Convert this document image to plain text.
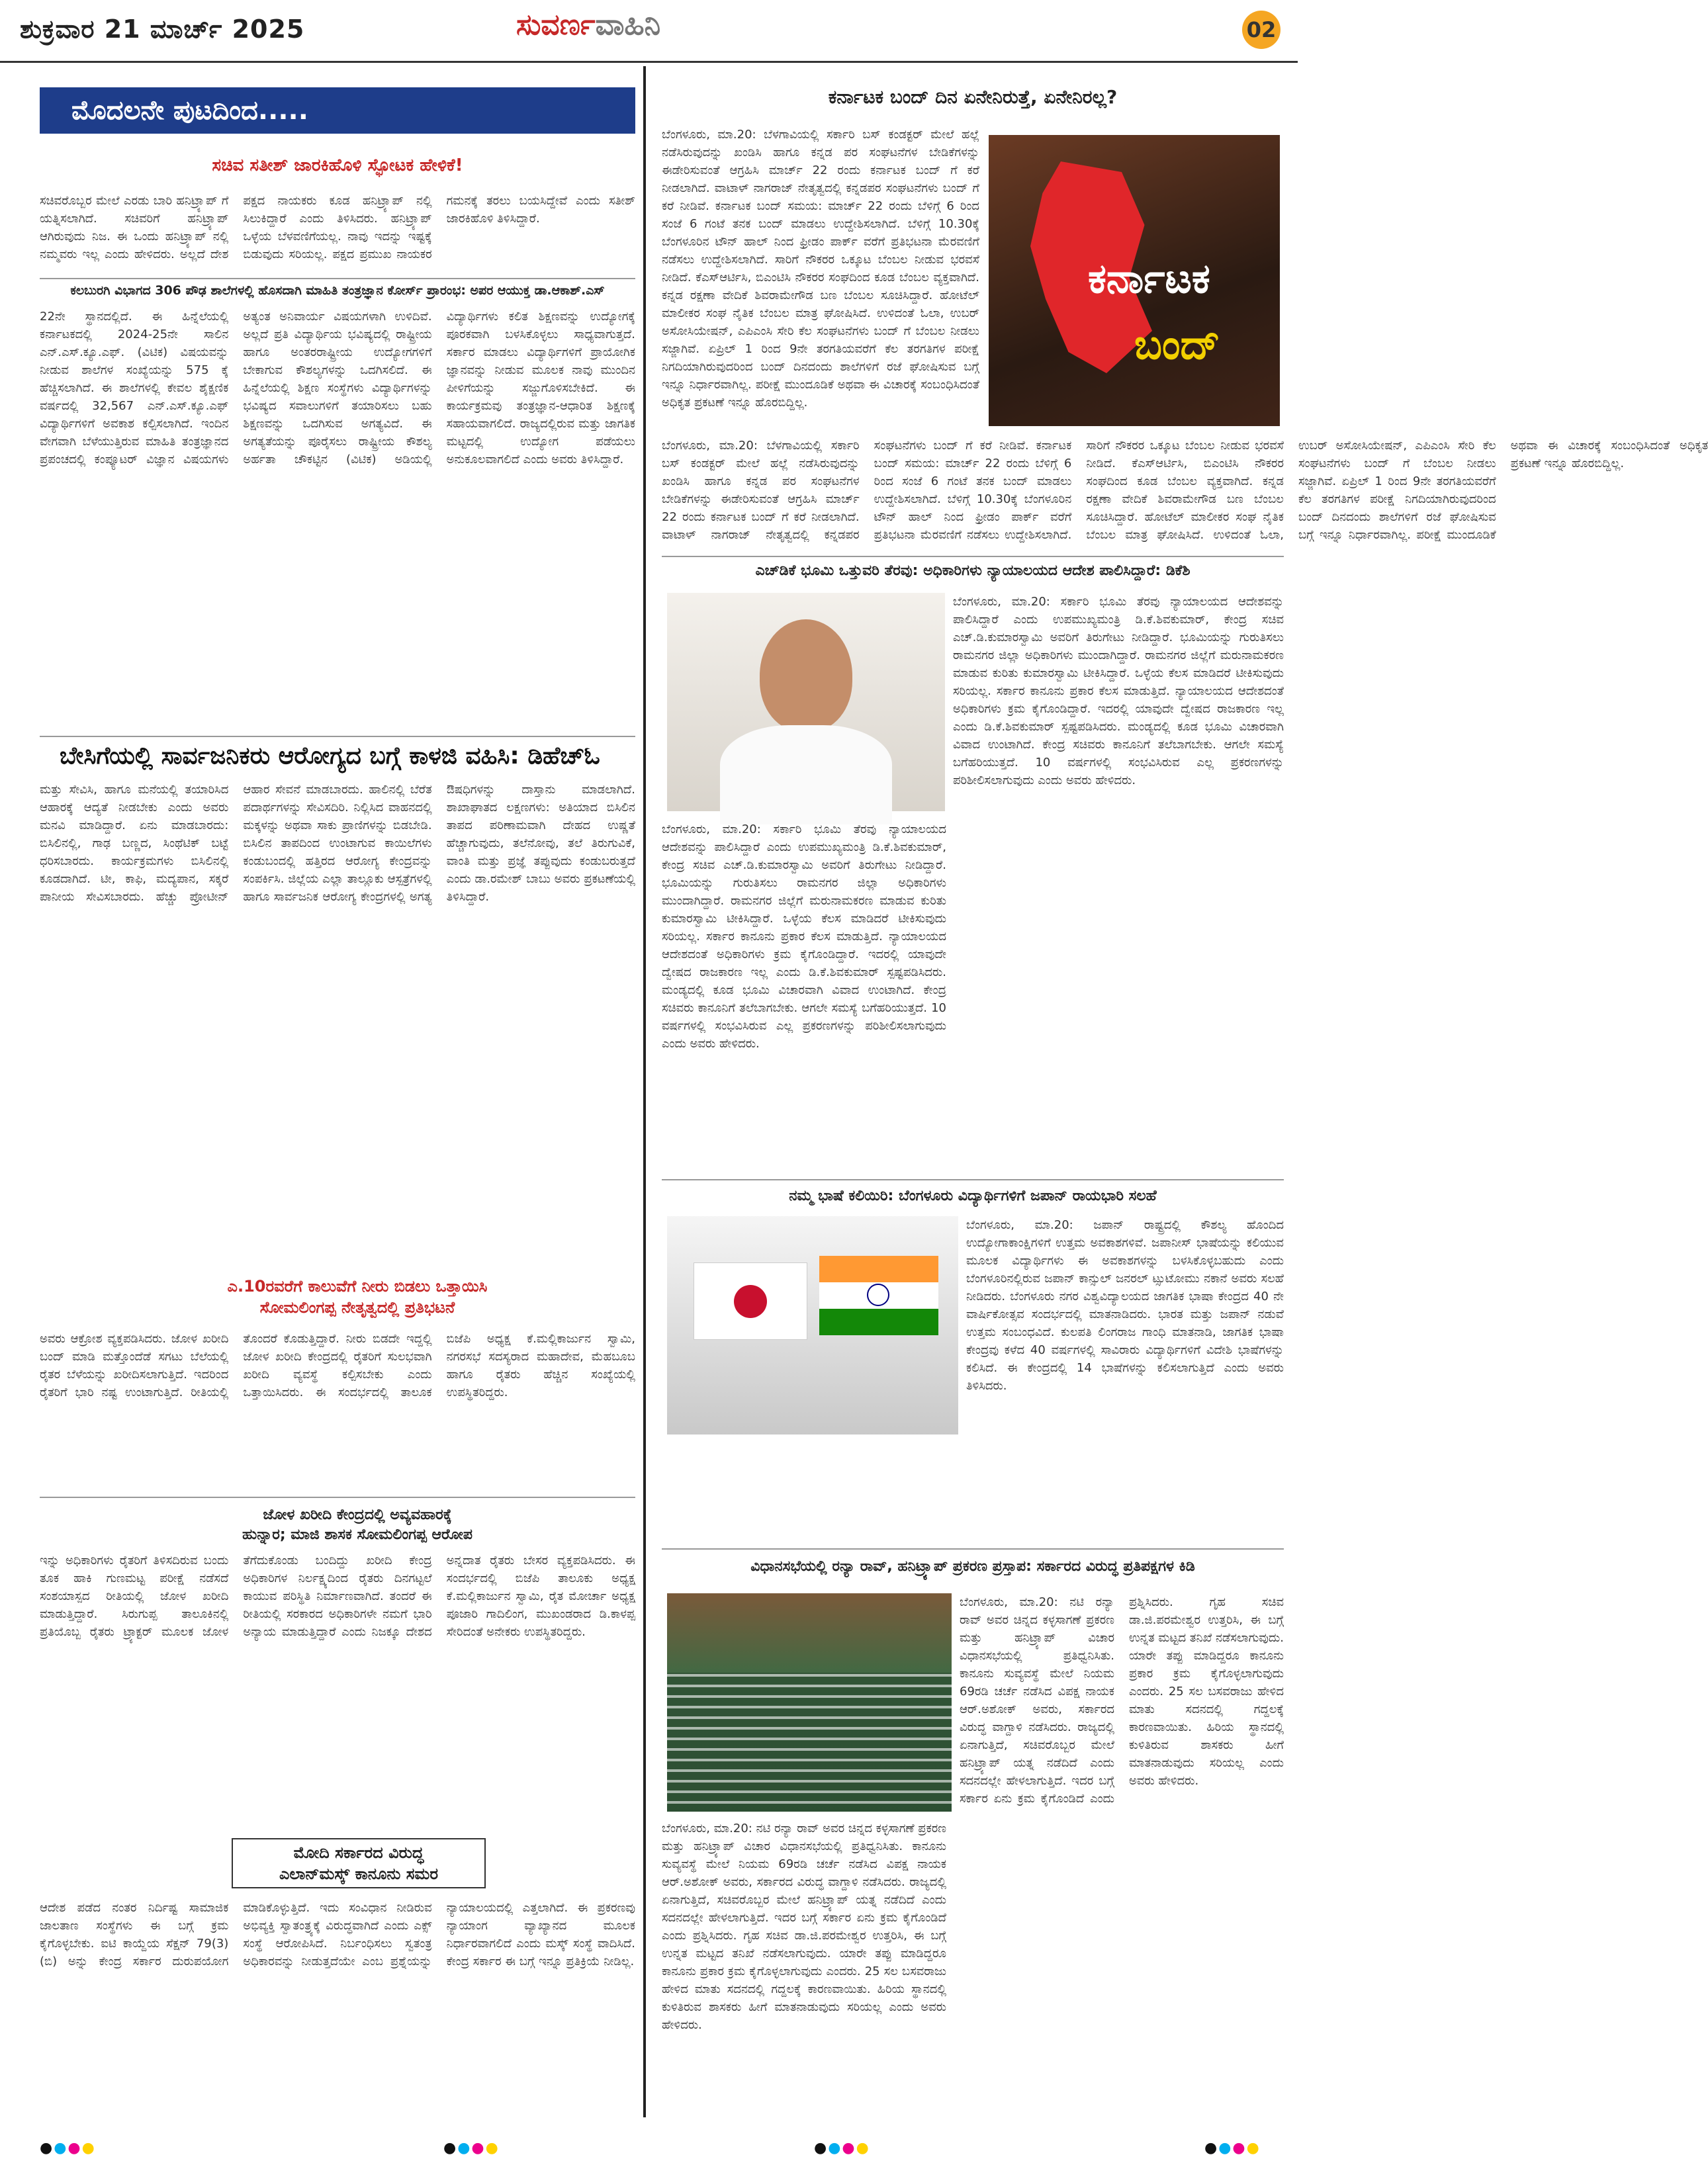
ಶುಕ್ರವಾರ 21 ಮಾರ್ಚ್ 2025	ಸುವರ್ಣವಾಹಿನಿ	02
ಮೊದಲನೇ ಪುಟದಿಂದ.....
ಸಚಿವ ಸತೀಶ್ ಜಾರಕಿಹೊಳಿ ಸ್ಫೋಟಕ ಹೇಳಿಕೆ!

ಸಚಿವರೊಬ್ಬರ ಮೇಲೆ ಎರಡು ಬಾರಿ ಹನಿಟ್ರ್ಯಾಪ್ ಗೆ ಯತ್ನಿಸಲಾಗಿದೆ. ಸಚಿವರಿಗೆ ಹನಿಟ್ರ್ಯಾಪ್ ಆಗಿರುವುದು ನಿಜ. ಈ ಒಂದು ಹನಿಟ್ರ್ಯಾಪ್ ನಲ್ಲಿ ನಮ್ಮವರು ಇಲ್ಲ ಎಂದು ಹೇಳಿದರು. ಅಲ್ಲದೆ ದೇಶ ಪಕ್ಷದ ನಾಯಕರು ಕೂಡ ಹನಿಟ್ರ್ಯಾಪ್ ನಲ್ಲಿ ಸಿಲುಕಿದ್ದಾರೆ ಎಂದು ತಿಳಿಸಿದರು. ಹನಿಟ್ರ್ಯಾಪ್ ಒಳ್ಳೆಯ ಬೆಳವಣಿಗೆಯಲ್ಲ. ನಾವು ಇದನ್ನು ಇಷ್ಟಕ್ಕೆ ಬಿಡುವುದು ಸರಿಯಲ್ಲ. ಪಕ್ಷದ ಪ್ರಮುಖ ನಾಯಕರ ಗಮನಕ್ಕೆ ತರಲು ಬಯಸಿದ್ದೇವೆ ಎಂದು ಸತೀಶ್ ಜಾರಕಿಹೊಳಿ ತಿಳಿಸಿದ್ದಾರೆ.

ಕಲಬುರಗಿ ವಿಭಾಗದ 306 ಪೌಢ ಶಾಲೆಗಳಲ್ಲಿ ಹೊಸದಾಗಿ ಮಾಹಿತಿ ತಂತ್ರಜ್ಞಾನ ಕೋರ್ಸ್ ಪ್ರಾರಂಭ: ಅಪರ ಆಯುಕ್ತ ಡಾ.ಆಕಾಶ್.ಎಸ್

22ನೇ ಸ್ಥಾನದಲ್ಲಿದೆ. ಈ ಹಿನ್ನೆಲೆಯಲ್ಲಿ ಕರ್ನಾಟಕದಲ್ಲಿ 2024-25ನೇ ಸಾಲಿನ ಎನ್.ಎಸ್.ಕ್ಯೂ.ಎಫ್. (ವಿಟಿಕ) ವಿಷಯವನ್ನು ನೀಡುವ ಶಾಲೆಗಳ ಸಂಖ್ಯೆಯನ್ನು 575 ಕ್ಕೆ ಹೆಚ್ಚಿಸಲಾಗಿದೆ. ಈ ಶಾಲೆಗಳಲ್ಲಿ ಕೇವಲ ಶೈಕ್ಷಣಿಕ ವರ್ಷದಲ್ಲಿ 32,567 ಎನ್.ಎಸ್.ಕ್ಯೂ.ಎಫ್ ವಿದ್ಯಾರ್ಥಿಗಳಿಗೆ ಅವಕಾಶ ಕಲ್ಪಿಸಲಾಗಿದೆ. ಇಂದಿನ ವೇಗವಾಗಿ ಬೆಳೆಯುತ್ತಿರುವ ಮಾಹಿತಿ ತಂತ್ರಜ್ಞಾನದ ಪ್ರಪಂಚದಲ್ಲಿ ಕಂಪ್ಯೂಟರ್ ವಿಜ್ಞಾನ ವಿಷಯಗಳು ಅತ್ಯಂತ ಅನಿವಾರ್ಯ ವಿಷಯಗಳಾಗಿ ಉಳಿದಿವೆ. ಅಲ್ಲದೆ ಪ್ರತಿ ವಿದ್ಯಾರ್ಥಿಯ ಭವಿಷ್ಯದಲ್ಲಿ ರಾಷ್ಟ್ರೀಯ ಹಾಗೂ ಅಂತರರಾಷ್ಟ್ರೀಯ ಉದ್ಯೋಗಗಳಿಗೆ ಬೇಕಾಗುವ ಕೌಶಲ್ಯಗಳನ್ನು ಒದಗಿಸಲಿದೆ. ಈ ಹಿನ್ನೆಲೆಯಲ್ಲಿ ಶಿಕ್ಷಣ ಸಂಸ್ಥೆಗಳು ವಿದ್ಯಾರ್ಥಿಗಳನ್ನು ಭವಿಷ್ಯದ ಸವಾಲುಗಳಿಗೆ ತಯಾರಿಸಲು ಬಹು ಶಿಕ್ಷಣವನ್ನು ಒದಗಿಸುವ ಅಗತ್ಯವಿದೆ. ಈ ಅಗತ್ಯತೆಯನ್ನು ಪೂರೈಸಲು ರಾಷ್ಟ್ರೀಯ ಕೌಶಲ್ಯ ಅರ್ಹತಾ ಚೌಕಟ್ಟಿನ (ವಿಟಿಕ) ಅಡಿಯಲ್ಲಿ ವಿದ್ಯಾರ್ಥಿಗಳು ಕಲಿತ ಶಿಕ್ಷಣವನ್ನು ಉದ್ಯೋಗಕ್ಕೆ ಪೂರಕವಾಗಿ ಬಳಸಿಕೊಳ್ಳಲು ಸಾಧ್ಯವಾಗುತ್ತದೆ. ಸರ್ಕಾರ ಮಾಡಲು ವಿದ್ಯಾರ್ಥಿಗಳಿಗೆ ಪ್ರಾಯೋಗಿಕ ಜ್ಞಾನವನ್ನು ನೀಡುವ ಮೂಲಕ ನಾವು ಮುಂದಿನ ಪೀಳಿಗೆಯನ್ನು ಸಜ್ಜುಗೊಳಿಸಬೇಕಿದೆ. ಈ ಕಾರ್ಯಕ್ರಮವು ತಂತ್ರಜ್ಞಾನ-ಆಧಾರಿತ ಶಿಕ್ಷಣಕ್ಕೆ ಸಹಾಯವಾಗಲಿದೆ. ರಾಜ್ಯದಲ್ಲಿರುವ ಮತ್ತು ಜಾಗತಿಕ ಮಟ್ಟದಲ್ಲಿ ಉದ್ಯೋಗ ಪಡೆಯಲು ಅನುಕೂಲವಾಗಲಿದೆ ಎಂದು ಅವರು ತಿಳಿಸಿದ್ದಾರೆ.

ಬೇಸಿಗೆಯಲ್ಲಿ ಸಾರ್ವಜನಿಕರು ಆರೋಗ್ಯದ ಬಗ್ಗೆ ಕಾಳಜಿ ವಹಿಸಿ: ಡಿಹೆಚ್ಓ

ಮತ್ತು ಸೇವಿಸಿ, ಹಾಗೂ ಮನೆಯಲ್ಲಿ ತಯಾರಿಸಿದ ಆಹಾರಕ್ಕೆ ಆದ್ಯತೆ ನೀಡಬೇಕು ಎಂದು ಅವರು ಮನವಿ ಮಾಡಿದ್ದಾರೆ. ಏನು ಮಾಡಬಾರದು: ಬಿಸಿಲಿನಲ್ಲಿ, ಗಾಢ ಬಣ್ಣದ, ಸಿಂಥೆಟಿಕ್ ಬಟ್ಟೆ ಧರಿಸಬಾರದು. ಕಾರ್ಯಕ್ರಮಗಳು ಬಿಸಿಲಿನಲ್ಲಿ ಕೂಡದಾಗಿದೆ. ಟೀ, ಕಾಫಿ, ಮದ್ಯಪಾನ, ಸಕ್ಕರೆ ಪಾನೀಯ ಸೇವಿಸಬಾರದು. ಹೆಚ್ಚು ಪ್ರೋಟೀನ್ ಆಹಾರ ಸೇವನೆ ಮಾಡಬಾರದು. ಹಾಲಿನಲ್ಲಿ ಬೆರೆತ ಪದಾರ್ಥಗಳನ್ನು ಸೇವಿಸದಿರಿ. ನಿಲ್ಲಿಸಿದ ವಾಹನದಲ್ಲಿ ಮಕ್ಕಳನ್ನು ಅಥವಾ ಸಾಕು ಪ್ರಾಣಿಗಳನ್ನು ಬಿಡಬೇಡಿ. ಬಿಸಿಲಿನ ತಾಪದಿಂದ ಉಂಟಾಗುವ ಕಾಯಿಲೆಗಳು ಕಂಡುಬಂದಲ್ಲಿ ಹತ್ತಿರದ ಆರೋಗ್ಯ ಕೇಂದ್ರವನ್ನು ಸಂಪರ್ಕಿಸಿ. ಜಿಲ್ಲೆಯ ಎಲ್ಲಾ ತಾಲ್ಲೂಕು ಆಸ್ಪತ್ರೆಗಳಲ್ಲಿ ಹಾಗೂ ಸಾರ್ವಜನಿಕ ಆರೋಗ್ಯ ಕೇಂದ್ರಗಳಲ್ಲಿ ಅಗತ್ಯ ಔಷಧಿಗಳನ್ನು ದಾಸ್ತಾನು ಮಾಡಲಾಗಿದೆ. ಶಾಖಾಘಾತದ ಲಕ್ಷಣಗಳು: ಅತಿಯಾದ ಬಿಸಿಲಿನ ತಾಪದ ಪರಿಣಾಮವಾಗಿ ದೇಹದ ಉಷ್ಣತೆ ಹೆಚ್ಚಾಗುವುದು, ತಲೆನೋವು, ತಲೆ ತಿರುಗುವಿಕೆ, ವಾಂತಿ ಮತ್ತು ಪ್ರಜ್ಞೆ ತಪ್ಪುವುದು ಕಂಡುಬರುತ್ತದೆ ಎಂದು ಡಾ.ರಮೇಶ್ ಬಾಬು ಅವರು ಪ್ರಕಟಣೆಯಲ್ಲಿ ತಿಳಿಸಿದ್ದಾರೆ.

ಎ.10ರವರೆಗೆ ಕಾಲುವೆಗೆ ನೀರು ಬಿಡಲು ಒತ್ತಾಯಿಸಿ
ಸೋಮಲಿಂಗಪ್ಪ ನೇತೃತ್ವದಲ್ಲಿ ಪ್ರತಿಭಟನೆ

ಅವರು ಆಕ್ರೋಶ ವ್ಯಕ್ತಪಡಿಸಿದರು. ಜೋಳ ಖರೀದಿ ಬಂದ್ ಮಾಡಿ ಮತ್ತೊಂದೆಡೆ ಸಗಟು ಬೆಲೆಯಲ್ಲಿ ರೈತರ ಬೆಳೆಯನ್ನು ಖರೀದಿಸಲಾಗುತ್ತಿದೆ. ಇದರಿಂದ ರೈತರಿಗೆ ಭಾರಿ ನಷ್ಟ ಉಂಟಾಗುತ್ತಿದೆ. ರೀತಿಯಲ್ಲಿ ತೊಂದರೆ ಕೊಡುತ್ತಿದ್ದಾರೆ. ನೀರು ಬಿಡದೇ ಇದ್ದಲ್ಲಿ ಜೋಳ ಖರೀದಿ ಕೇಂದ್ರದಲ್ಲಿ ರೈತರಿಗೆ ಸುಲಭವಾಗಿ ಖರೀದಿ ವ್ಯವಸ್ಥೆ ಕಲ್ಪಿಸಬೇಕು ಎಂದು ಒತ್ತಾಯಿಸಿದರು. ಈ ಸಂದರ್ಭದಲ್ಲಿ ತಾಲೂಕ ಬಿಜೆಪಿ ಅಧ್ಯಕ್ಷ ಕೆ.ಮಲ್ಲಿಕಾರ್ಜುನ ಸ್ವಾಮಿ, ನಗರಸಭೆ ಸದಸ್ಯರಾದ ಮಹಾದೇವ, ಮೆಹಬೂಬ ಹಾಗೂ ರೈತರು ಹೆಚ್ಚಿನ ಸಂಖ್ಯೆಯಲ್ಲಿ ಉಪಸ್ಥಿತರಿದ್ದರು.

ಜೋಳ ಖರೀದಿ ಕೇಂದ್ರದಲ್ಲಿ ಅವ್ಯವಹಾರಕ್ಕೆ
ಹುನ್ನಾರ; ಮಾಜಿ ಶಾಸಕ ಸೋಮಲಿಂಗಪ್ಪ ಆರೋಪ

ಇನ್ನು ಅಧಿಕಾರಿಗಳು ರೈತರಿಗೆ ತಿಳಿಸದಿರುವ ಬಂದು ತೂಕ ಹಾಕಿ ಗುಣಮಟ್ಟ ಪರೀಕ್ಷೆ ನಡೆಸದೆ ಸಂಶಯಾಸ್ಪದ ರೀತಿಯಲ್ಲಿ ಜೋಳ ಖರೀದಿ ಮಾಡುತ್ತಿದ್ದಾರೆ. ಸಿರುಗುಪ್ಪ ತಾಲೂಕಿನಲ್ಲಿ ಪ್ರತಿಯೊಬ್ಬ ರೈತರು ಟ್ರ್ಯಾಕ್ಟರ್ ಮೂಲಕ ಜೋಳ ತೆಗೆದುಕೊಂಡು ಬಂದಿದ್ದು ಖರೀದಿ ಕೇಂದ್ರ ಅಧಿಕಾರಿಗಳ ನಿರ್ಲಕ್ಷ್ಯದಿಂದ ರೈತರು ದಿನಗಟ್ಟಲೆ ಕಾಯುವ ಪರಿಸ್ಥಿತಿ ನಿರ್ಮಾಣವಾಗಿದೆ. ತಂದರೆ ಈ ರೀತಿಯಲ್ಲಿ ಸರಕಾರದ ಅಧಿಕಾರಿಗಳೇ ನಮಗೆ ಭಾರಿ ಅನ್ಯಾಯ ಮಾಡುತ್ತಿದ್ದಾರೆ ಎಂದು ನಿಜಕ್ಕೂ ದೇಶದ ಅನ್ನದಾತ ರೈತರು ಬೇಸರ ವ್ಯಕ್ತಪಡಿಸಿದರು. ಈ ಸಂದರ್ಭದಲ್ಲಿ ಬಿಜೆಪಿ ತಾಲೂಕು ಅಧ್ಯಕ್ಷ ಕೆ.ಮಲ್ಲಿಕಾರ್ಜುನ ಸ್ವಾಮಿ, ರೈತ ಮೋರ್ಚಾ ಅಧ್ಯಕ್ಷ ಪೂಜಾರಿ ಗಾದಿಲಿಂಗ, ಮುಖಂಡರಾದ ಡಿ.ಕಾಳಪ್ಪ ಸೇರಿದಂತೆ ಅನೇಕರು ಉಪಸ್ಥಿತರಿದ್ದರು.

ಮೋದಿ ಸರ್ಕಾರದ ವಿರುದ್ಧ
ಎಲಾನ್‌ಮಸ್ಕ್ ಕಾನೂನು ಸಮರ

ಆದೇಶ ಪಡೆದ ನಂತರ ನಿರ್ದಿಷ್ಟ ಸಾಮಾಜಿಕ ಜಾಲತಾಣ ಸಂಸ್ಥೆಗಳು ಈ ಬಗ್ಗೆ ಕ್ರಮ ಕೈಗೊಳ್ಳಬೇಕು. ಐಟಿ ಕಾಯ್ದೆಯ ಸೆಕ್ಷನ್ 79(3)(ಬಿ) ಅನ್ನು ಕೇಂದ್ರ ಸರ್ಕಾರ ದುರುಪಯೋಗ ಮಾಡಿಕೊಳ್ಳುತ್ತಿದೆ. ಇದು ಸಂವಿಧಾನ ನೀಡಿರುವ ಅಭಿವ್ಯಕ್ತಿ ಸ್ವಾತಂತ್ರ್ಯಕ್ಕೆ ವಿರುದ್ಧವಾಗಿದೆ ಎಂದು ಎಕ್ಸ್ ಸಂಸ್ಥೆ ಆರೋಪಿಸಿದೆ. ನಿರ್ಬಂಧಿಸಲು ಸ್ವತಂತ್ರ ಅಧಿಕಾರವನ್ನು ನೀಡುತ್ತದೆಯೇ ಎಂಬ ಪ್ರಶ್ನೆಯನ್ನು ನ್ಯಾಯಾಲಯದಲ್ಲಿ ಎತ್ತಲಾಗಿದೆ. ಈ ಪ್ರಕರಣವು ನ್ಯಾಯಾಂಗ ವ್ಯಾಖ್ಯಾನದ ಮೂಲಕ ನಿರ್ಧಾರವಾಗಲಿದೆ ಎಂದು ಮಸ್ಕ್ ಸಂಸ್ಥೆ ವಾದಿಸಿದೆ. ಕೇಂದ್ರ ಸರ್ಕಾರ ಈ ಬಗ್ಗೆ ಇನ್ನೂ ಪ್ರತಿಕ್ರಿಯೆ ನೀಡಿಲ್ಲ.

ಕರ್ನಾಟಕ ಬಂದ್ ದಿನ ಏನೇನಿರುತ್ತೆ, ಏನೇನಿರಲ್ಲ?
ಕರ್ನಾಟಕ
ಬಂದ್

ಬೆಂಗಳೂರು, ಮಾ.20: ಬೆಳಗಾವಿಯಲ್ಲಿ ಸರ್ಕಾರಿ ಬಸ್ ಕಂಡಕ್ಟರ್ ಮೇಲೆ ಹಲ್ಲೆ ನಡೆಸಿರುವುದನ್ನು ಖಂಡಿಸಿ ಹಾಗೂ ಕನ್ನಡ ಪರ ಸಂಘಟನೆಗಳ ಬೇಡಿಕೆಗಳನ್ನು ಈಡೇರಿಸುವಂತೆ ಆಗ್ರಹಿಸಿ ಮಾರ್ಚ್ 22 ರಂದು ಕರ್ನಾಟಕ ಬಂದ್ ಗೆ ಕರೆ ನೀಡಲಾಗಿದೆ. ವಾಟಾಳ್ ನಾಗರಾಜ್ ನೇತೃತ್ವದಲ್ಲಿ ಕನ್ನಡಪರ ಸಂಘಟನೆಗಳು ಬಂದ್ ಗೆ ಕರೆ ನೀಡಿವೆ. ಕರ್ನಾಟಕ ಬಂದ್ ಸಮಯ: ಮಾರ್ಚ್ 22 ರಂದು ಬೆಳಿಗ್ಗೆ 6 ರಿಂದ ಸಂಜೆ 6 ಗಂಟೆ ತನಕ ಬಂದ್ ಮಾಡಲು ಉದ್ದೇಶಿಸಲಾಗಿದೆ. ಬೆಳಿಗ್ಗೆ 10.30ಕ್ಕೆ ಬೆಂಗಳೂರಿನ ಟೌನ್ ಹಾಲ್ ನಿಂದ ಫ್ರೀಡಂ ಪಾರ್ಕ್ ವರೆಗೆ ಪ್ರತಿಭಟನಾ ಮೆರವಣಿಗೆ ನಡೆಸಲು ಉದ್ದೇಶಿಸಲಾಗಿದೆ. ಸಾರಿಗೆ ನೌಕರರ ಒಕ್ಕೂಟ ಬೆಂಬಲ ನೀಡುವ ಭರವಸೆ ನೀಡಿದೆ. ಕೆಎಸ್ಆರ್ಟಿಸಿ, ಬಿಎಂಟಿಸಿ ನೌಕರರ ಸಂಘದಿಂದ ಕೂಡ ಬೆಂಬಲ ವ್ಯಕ್ತವಾಗಿದೆ. ಕನ್ನಡ ರಕ್ಷಣಾ ವೇದಿಕೆ ಶಿವರಾಮೇಗೌಡ ಬಣ ಬೆಂಬಲ ಸೂಚಿಸಿದ್ದಾರೆ. ಹೋಟೆಲ್ ಮಾಲೀಕರ ಸಂಘ ನೈತಿಕ ಬೆಂಬಲ ಮಾತ್ರ ಘೋಷಿಸಿದೆ. ಉಳಿದಂತೆ ಓಲಾ, ಉಬರ್ ಅಸೋಸಿಯೇಷನ್, ಎಪಿಎಂಸಿ ಸೇರಿ ಕೆಲ ಸಂಘಟನೆಗಳು ಬಂದ್ ಗೆ ಬೆಂಬಲ ನೀಡಲು ಸಜ್ಜಾಗಿವೆ. ಏಪ್ರಿಲ್ 1 ರಿಂದ 9ನೇ ತರಗತಿಯವರೆಗೆ ಕೆಲ ತರಗತಿಗಳ ಪರೀಕ್ಷೆ ನಿಗದಿಯಾಗಿರುವುದರಿಂದ ಬಂದ್ ದಿನದಂದು ಶಾಲೆಗಳಿಗೆ ರಜೆ ಘೋಷಿಸುವ ಬಗ್ಗೆ ಇನ್ನೂ ನಿರ್ಧಾರವಾಗಿಲ್ಲ. ಪರೀಕ್ಷೆ ಮುಂದೂಡಿಕೆ ಅಥವಾ ಈ ವಿಚಾರಕ್ಕೆ ಸಂಬಂಧಿಸಿದಂತೆ ಅಧಿಕೃತ ಪ್ರಕಟಣೆ ಇನ್ನೂ ಹೊರಬಿದ್ದಿಲ್ಲ.

ಬೆಂಗಳೂರು, ಮಾ.20: ಬೆಳಗಾವಿಯಲ್ಲಿ ಸರ್ಕಾರಿ ಬಸ್ ಕಂಡಕ್ಟರ್ ಮೇಲೆ ಹಲ್ಲೆ ನಡೆಸಿರುವುದನ್ನು ಖಂಡಿಸಿ ಹಾಗೂ ಕನ್ನಡ ಪರ ಸಂಘಟನೆಗಳ ಬೇಡಿಕೆಗಳನ್ನು ಈಡೇರಿಸುವಂತೆ ಆಗ್ರಹಿಸಿ ಮಾರ್ಚ್ 22 ರಂದು ಕರ್ನಾಟಕ ಬಂದ್ ಗೆ ಕರೆ ನೀಡಲಾಗಿದೆ. ವಾಟಾಳ್ ನಾಗರಾಜ್ ನೇತೃತ್ವದಲ್ಲಿ ಕನ್ನಡಪರ ಸಂಘಟನೆಗಳು ಬಂದ್ ಗೆ ಕರೆ ನೀಡಿವೆ. ಕರ್ನಾಟಕ ಬಂದ್ ಸಮಯ: ಮಾರ್ಚ್ 22 ರಂದು ಬೆಳಿಗ್ಗೆ 6 ರಿಂದ ಸಂಜೆ 6 ಗಂಟೆ ತನಕ ಬಂದ್ ಮಾಡಲು ಉದ್ದೇಶಿಸಲಾಗಿದೆ. ಬೆಳಿಗ್ಗೆ 10.30ಕ್ಕೆ ಬೆಂಗಳೂರಿನ ಟೌನ್ ಹಾಲ್ ನಿಂದ ಫ್ರೀಡಂ ಪಾರ್ಕ್ ವರೆಗೆ ಪ್ರತಿಭಟನಾ ಮೆರವಣಿಗೆ ನಡೆಸಲು ಉದ್ದೇಶಿಸಲಾಗಿದೆ. ಸಾರಿಗೆ ನೌಕರರ ಒಕ್ಕೂಟ ಬೆಂಬಲ ನೀಡುವ ಭರವಸೆ ನೀಡಿದೆ. ಕೆಎಸ್ಆರ್ಟಿಸಿ, ಬಿಎಂಟಿಸಿ ನೌಕರರ ಸಂಘದಿಂದ ಕೂಡ ಬೆಂಬಲ ವ್ಯಕ್ತವಾಗಿದೆ. ಕನ್ನಡ ರಕ್ಷಣಾ ವೇದಿಕೆ ಶಿವರಾಮೇಗೌಡ ಬಣ ಬೆಂಬಲ ಸೂಚಿಸಿದ್ದಾರೆ. ಹೋಟೆಲ್ ಮಾಲೀಕರ ಸಂಘ ನೈತಿಕ ಬೆಂಬಲ ಮಾತ್ರ ಘೋಷಿಸಿದೆ. ಉಳಿದಂತೆ ಓಲಾ, ಉಬರ್ ಅಸೋಸಿಯೇಷನ್, ಎಪಿಎಂಸಿ ಸೇರಿ ಕೆಲ ಸಂಘಟನೆಗಳು ಬಂದ್ ಗೆ ಬೆಂಬಲ ನೀಡಲು ಸಜ್ಜಾಗಿವೆ. ಏಪ್ರಿಲ್ 1 ರಿಂದ 9ನೇ ತರಗತಿಯವರೆಗೆ ಕೆಲ ತರಗತಿಗಳ ಪರೀಕ್ಷೆ ನಿಗದಿಯಾಗಿರುವುದರಿಂದ ಬಂದ್ ದಿನದಂದು ಶಾಲೆಗಳಿಗೆ ರಜೆ ಘೋಷಿಸುವ ಬಗ್ಗೆ ಇನ್ನೂ ನಿರ್ಧಾರವಾಗಿಲ್ಲ. ಪರೀಕ್ಷೆ ಮುಂದೂಡಿಕೆ ಅಥವಾ ಈ ವಿಚಾರಕ್ಕೆ ಸಂಬಂಧಿಸಿದಂತೆ ಅಧಿಕೃತ ಪ್ರಕಟಣೆ ಇನ್ನೂ ಹೊರಬಿದ್ದಿಲ್ಲ.

ಎಚ್‌ಡಿಕೆ ಭೂಮಿ ಒತ್ತುವರಿ ತೆರವು: ಅಧಿಕಾರಿಗಳು ನ್ಯಾಯಾಲಯದ ಆದೇಶ ಪಾಲಿಸಿದ್ದಾರೆ: ಡಿಕೆಶಿ

ಬೆಂಗಳೂರು, ಮಾ.20: ಸರ್ಕಾರಿ ಭೂಮಿ ತೆರವು ನ್ಯಾಯಾಲಯದ ಆದೇಶವನ್ನು ಪಾಲಿಸಿದ್ದಾರೆ ಎಂದು ಉಪಮುಖ್ಯಮಂತ್ರಿ ಡಿ.ಕೆ.ಶಿವಕುಮಾರ್, ಕೇಂದ್ರ ಸಚಿವ ಎಚ್.ಡಿ.ಕುಮಾರಸ್ವಾಮಿ ಅವರಿಗೆ ತಿರುಗೇಟು ನೀಡಿದ್ದಾರೆ. ಭೂಮಿಯನ್ನು ಗುರುತಿಸಲು ರಾಮನಗರ ಜಿಲ್ಲಾ ಅಧಿಕಾರಿಗಳು ಮುಂದಾಗಿದ್ದಾರೆ. ರಾಮನಗರ ಜಿಲ್ಲೆಗೆ ಮರುನಾಮಕರಣ ಮಾಡುವ ಕುರಿತು ಕುಮಾರಸ್ವಾಮಿ ಟೀಕಿಸಿದ್ದಾರೆ. ಒಳ್ಳೆಯ ಕೆಲಸ ಮಾಡಿದರೆ ಟೀಕಿಸುವುದು ಸರಿಯಲ್ಲ. ಸರ್ಕಾರ ಕಾನೂನು ಪ್ರಕಾರ ಕೆಲಸ ಮಾಡುತ್ತಿದೆ. ನ್ಯಾಯಾಲಯದ ಆದೇಶದಂತೆ ಅಧಿಕಾರಿಗಳು ಕ್ರಮ ಕೈಗೊಂಡಿದ್ದಾರೆ. ಇದರಲ್ಲಿ ಯಾವುದೇ ದ್ವೇಷದ ರಾಜಕಾರಣ ಇಲ್ಲ ಎಂದು ಡಿ.ಕೆ.ಶಿವಕುಮಾರ್ ಸ್ಪಷ್ಟಪಡಿಸಿದರು. ಮಂಡ್ಯದಲ್ಲಿ ಕೂಡ ಭೂಮಿ ವಿಚಾರವಾಗಿ ವಿವಾದ ಉಂಟಾಗಿದೆ. ಕೇಂದ್ರ ಸಚಿವರು ಕಾನೂನಿಗೆ ತಲೆಬಾಗಬೇಕು. ಆಗಲೇ ಸಮಸ್ಯೆ ಬಗೆಹರಿಯುತ್ತದೆ. 10 ವರ್ಷಗಳಲ್ಲಿ ಸಂಭವಿಸಿರುವ ಎಲ್ಲ ಪ್ರಕರಣಗಳನ್ನು ಪರಿಶೀಲಿಸಲಾಗುವುದು ಎಂದು ಅವರು ಹೇಳಿದರು.

ಬೆಂಗಳೂರು, ಮಾ.20: ಸರ್ಕಾರಿ ಭೂಮಿ ತೆರವು ನ್ಯಾಯಾಲಯದ ಆದೇಶವನ್ನು ಪಾಲಿಸಿದ್ದಾರೆ ಎಂದು ಉಪಮುಖ್ಯಮಂತ್ರಿ ಡಿ.ಕೆ.ಶಿವಕುಮಾರ್, ಕೇಂದ್ರ ಸಚಿವ ಎಚ್.ಡಿ.ಕುಮಾರಸ್ವಾಮಿ ಅವರಿಗೆ ತಿರುಗೇಟು ನೀಡಿದ್ದಾರೆ. ಭೂಮಿಯನ್ನು ಗುರುತಿಸಲು ರಾಮನಗರ ಜಿಲ್ಲಾ ಅಧಿಕಾರಿಗಳು ಮುಂದಾಗಿದ್ದಾರೆ. ರಾಮನಗರ ಜಿಲ್ಲೆಗೆ ಮರುನಾಮಕರಣ ಮಾಡುವ ಕುರಿತು ಕುಮಾರಸ್ವಾಮಿ ಟೀಕಿಸಿದ್ದಾರೆ. ಒಳ್ಳೆಯ ಕೆಲಸ ಮಾಡಿದರೆ ಟೀಕಿಸುವುದು ಸರಿಯಲ್ಲ. ಸರ್ಕಾರ ಕಾನೂನು ಪ್ರಕಾರ ಕೆಲಸ ಮಾಡುತ್ತಿದೆ. ನ್ಯಾಯಾಲಯದ ಆದೇಶದಂತೆ ಅಧಿಕಾರಿಗಳು ಕ್ರಮ ಕೈಗೊಂಡಿದ್ದಾರೆ. ಇದರಲ್ಲಿ ಯಾವುದೇ ದ್ವೇಷದ ರಾಜಕಾರಣ ಇಲ್ಲ ಎಂದು ಡಿ.ಕೆ.ಶಿವಕುಮಾರ್ ಸ್ಪಷ್ಟಪಡಿಸಿದರು. ಮಂಡ್ಯದಲ್ಲಿ ಕೂಡ ಭೂಮಿ ವಿಚಾರವಾಗಿ ವಿವಾದ ಉಂಟಾಗಿದೆ. ಕೇಂದ್ರ ಸಚಿವರು ಕಾನೂನಿಗೆ ತಲೆಬಾಗಬೇಕು. ಆಗಲೇ ಸಮಸ್ಯೆ ಬಗೆಹರಿಯುತ್ತದೆ. 10 ವರ್ಷಗಳಲ್ಲಿ ಸಂಭವಿಸಿರುವ ಎಲ್ಲ ಪ್ರಕರಣಗಳನ್ನು ಪರಿಶೀಲಿಸಲಾಗುವುದು ಎಂದು ಅವರು ಹೇಳಿದರು.

ನಮ್ಮ ಭಾಷೆ ಕಲಿಯಿರಿ: ಬೆಂಗಳೂರು ವಿದ್ಯಾರ್ಥಿಗಳಿಗೆ ಜಪಾನ್ ರಾಯಭಾರಿ ಸಲಹೆ

ಬೆಂಗಳೂರು, ಮಾ.20: ಜಪಾನ್ ರಾಷ್ಟ್ರದಲ್ಲಿ ಕೌಶಲ್ಯ ಹೊಂದಿದ ಉದ್ಯೋಗಾಕಾಂಕ್ಷಿಗಳಿಗೆ ಉತ್ತಮ ಅವಕಾಶಗಳಿವೆ. ಜಪಾನೀಸ್ ಭಾಷೆಯನ್ನು ಕಲಿಯುವ ಮೂಲಕ ವಿದ್ಯಾರ್ಥಿಗಳು ಈ ಅವಕಾಶಗಳನ್ನು ಬಳಸಿಕೊಳ್ಳಬಹುದು ಎಂದು ಬೆಂಗಳೂರಿನಲ್ಲಿರುವ ಜಪಾನ್ ಕಾನ್ಸುಲ್ ಜನರಲ್ ಟ್ಸುಟೋಮು ನಕಾನೆ ಅವರು ಸಲಹೆ ನೀಡಿದರು. ಬೆಂಗಳೂರು ನಗರ ವಿಶ್ವವಿದ್ಯಾಲಯದ ಜಾಗತಿಕ ಭಾಷಾ ಕೇಂದ್ರದ 40 ನೇ ವಾರ್ಷಿಕೋತ್ಸವ ಸಂದರ್ಭದಲ್ಲಿ ಮಾತನಾಡಿದರು. ಭಾರತ ಮತ್ತು ಜಪಾನ್ ನಡುವೆ ಉತ್ತಮ ಸಂಬಂಧವಿದೆ. ಕುಲಪತಿ ಲಿಂಗರಾಜ ಗಾಂಧಿ ಮಾತನಾಡಿ, ಜಾಗತಿಕ ಭಾಷಾ ಕೇಂದ್ರವು ಕಳೆದ 40 ವರ್ಷಗಳಲ್ಲಿ ಸಾವಿರಾರು ವಿದ್ಯಾರ್ಥಿಗಳಿಗೆ ವಿದೇಶಿ ಭಾಷೆಗಳನ್ನು ಕಲಿಸಿದೆ. ಈ ಕೇಂದ್ರದಲ್ಲಿ 14 ಭಾಷೆಗಳನ್ನು ಕಲಿಸಲಾಗುತ್ತಿದೆ ಎಂದು ಅವರು ತಿಳಿಸಿದರು.

ವಿಧಾನಸಭೆಯಲ್ಲಿ ರನ್ಯಾ ರಾವ್, ಹನಿಟ್ರ್ಯಾಪ್ ಪ್ರಕರಣ ಪ್ರಸ್ತಾಪ: ಸರ್ಕಾರದ ವಿರುದ್ಧ ಪ್ರತಿಪಕ್ಷಗಳ ಕಿಡಿ

ಬೆಂಗಳೂರು, ಮಾ.20: ನಟಿ ರನ್ಯಾ ರಾವ್ ಅವರ ಚಿನ್ನದ ಕಳ್ಳಸಾಗಣೆ ಪ್ರಕರಣ ಮತ್ತು ಹನಿಟ್ರ್ಯಾಪ್ ವಿಚಾರ ವಿಧಾನಸಭೆಯಲ್ಲಿ ಪ್ರತಿಧ್ವನಿಸಿತು. ಕಾನೂನು ಸುವ್ಯವಸ್ಥೆ ಮೇಲೆ ನಿಯಮ 69ರಡಿ ಚರ್ಚೆ ನಡೆಸಿದ ವಿಪಕ್ಷ ನಾಯಕ ಆರ್.ಅಶೋಕ್ ಅವರು, ಸರ್ಕಾರದ ವಿರುದ್ಧ ವಾಗ್ದಾಳಿ ನಡೆಸಿದರು. ರಾಜ್ಯದಲ್ಲಿ ಏನಾಗುತ್ತಿದೆ, ಸಚಿವರೊಬ್ಬರ ಮೇಲೆ ಹನಿಟ್ರ್ಯಾಪ್ ಯತ್ನ ನಡೆದಿದೆ ಎಂದು ಸದನದಲ್ಲೇ ಹೇಳಲಾಗುತ್ತಿದೆ. ಇದರ ಬಗ್ಗೆ ಸರ್ಕಾರ ಏನು ಕ್ರಮ ಕೈಗೊಂಡಿದೆ ಎಂದು ಪ್ರಶ್ನಿಸಿದರು. ಗೃಹ ಸಚಿವ ಡಾ.ಜಿ.ಪರಮೇಶ್ವರ ಉತ್ತರಿಸಿ, ಈ ಬಗ್ಗೆ ಉನ್ನತ ಮಟ್ಟದ ತನಿಖೆ ನಡೆಸಲಾಗುವುದು. ಯಾರೇ ತಪ್ಪು ಮಾಡಿದ್ದರೂ ಕಾನೂನು ಪ್ರಕಾರ ಕ್ರಮ ಕೈಗೊಳ್ಳಲಾಗುವುದು ಎಂದರು. 25 ಸಲ ಬಸವರಾಜು ಹೇಳಿದ ಮಾತು ಸದನದಲ್ಲಿ ಗದ್ದಲಕ್ಕೆ ಕಾರಣವಾಯಿತು. ಹಿರಿಯ ಸ್ಥಾನದಲ್ಲಿ ಕುಳಿತಿರುವ ಶಾಸಕರು ಹೀಗೆ ಮಾತನಾಡುವುದು ಸರಿಯಲ್ಲ ಎಂದು ಅವರು ಹೇಳಿದರು.

ಬೆಂಗಳೂರು, ಮಾ.20: ನಟಿ ರನ್ಯಾ ರಾವ್ ಅವರ ಚಿನ್ನದ ಕಳ್ಳಸಾಗಣೆ ಪ್ರಕರಣ ಮತ್ತು ಹನಿಟ್ರ್ಯಾಪ್ ವಿಚಾರ ವಿಧಾನಸಭೆಯಲ್ಲಿ ಪ್ರತಿಧ್ವನಿಸಿತು. ಕಾನೂನು ಸುವ್ಯವಸ್ಥೆ ಮೇಲೆ ನಿಯಮ 69ರಡಿ ಚರ್ಚೆ ನಡೆಸಿದ ವಿಪಕ್ಷ ನಾಯಕ ಆರ್.ಅಶೋಕ್ ಅವರು, ಸರ್ಕಾರದ ವಿರುದ್ಧ ವಾಗ್ದಾಳಿ ನಡೆಸಿದರು. ರಾಜ್ಯದಲ್ಲಿ ಏನಾಗುತ್ತಿದೆ, ಸಚಿವರೊಬ್ಬರ ಮೇಲೆ ಹನಿಟ್ರ್ಯಾಪ್ ಯತ್ನ ನಡೆದಿದೆ ಎಂದು ಸದನದಲ್ಲೇ ಹೇಳಲಾಗುತ್ತಿದೆ. ಇದರ ಬಗ್ಗೆ ಸರ್ಕಾರ ಏನು ಕ್ರಮ ಕೈಗೊಂಡಿದೆ ಎಂದು ಪ್ರಶ್ನಿಸಿದರು. ಗೃಹ ಸಚಿವ ಡಾ.ಜಿ.ಪರಮೇಶ್ವರ ಉತ್ತರಿಸಿ, ಈ ಬಗ್ಗೆ ಉನ್ನತ ಮಟ್ಟದ ತನಿಖೆ ನಡೆಸಲಾಗುವುದು. ಯಾರೇ ತಪ್ಪು ಮಾಡಿದ್ದರೂ ಕಾನೂನು ಪ್ರಕಾರ ಕ್ರಮ ಕೈಗೊಳ್ಳಲಾಗುವುದು ಎಂದರು. 25 ಸಲ ಬಸವರಾಜು ಹೇಳಿದ ಮಾತು ಸದನದಲ್ಲಿ ಗದ್ದಲಕ್ಕೆ ಕಾರಣವಾಯಿತು. ಹಿರಿಯ ಸ್ಥಾನದಲ್ಲಿ ಕುಳಿತಿರುವ ಶಾಸಕರು ಹೀಗೆ ಮಾತನಾಡುವುದು ಸರಿಯಲ್ಲ ಎಂದು ಅವರು ಹೇಳಿದರು.

●●●●	●●●●	●●●●	●●●●
